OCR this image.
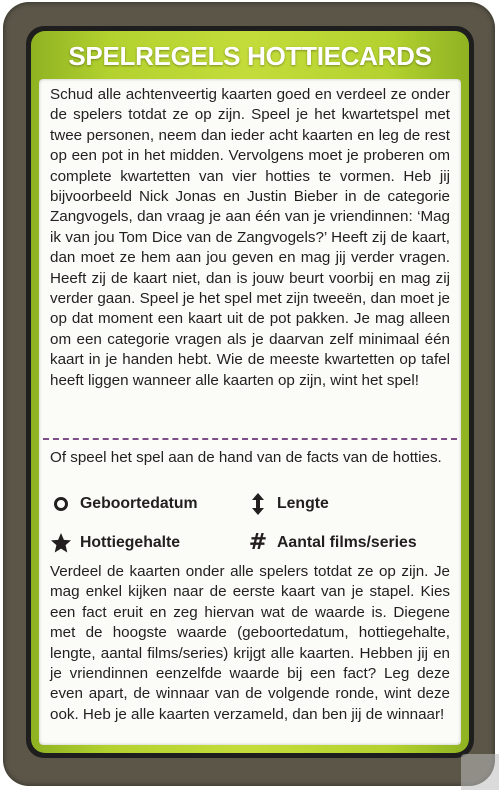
SPELREGELS HOTTIECARDS

Schud alle achtenveertig kaarten goed en verdeel ze onder de spelers totdat ze op zijn. Speel je het kwartetspel met twee personen, neem dan ieder acht kaarten en leg de rest op een pot in het midden. Vervolgens moet je proberen om complete kwartetten van vier hotties te vormen. Heb jij bijvoorbeeld Nick Jonas en Justin Bieber in de categorie Zangvogels, dan vraag je aan één van je vriendinnen: ‘Mag ik van jou Tom Dice van de Zangvogels?’ Heeft zij de kaart, dan moet ze hem aan jou geven en mag jij verder vragen. Heeft zij de kaart niet, dan is jouw beurt voorbij en mag zij verder gaan. Speel je het spel met zijn tweeën, dan moet je op dat moment een kaart uit de pot pakken. Je mag alleen om een categorie vragen als je daarvan zelf minimaal één kaart in je handen hebt. Wie de meeste kwartetten op tafel heeft liggen wanneer alle kaarten op zijn, wint het spel!

Of speel het spel aan de hand van de facts van de hotties.

Geboortedatum	Lengte
Hottiegehalte	# Aantal films/series

Verdeel de kaarten onder alle spelers totdat ze op zijn. Je mag enkel kijken naar de eerste kaart van je stapel. Kies een fact eruit en zeg hiervan wat de waarde is. Diegene met de hoogste waarde (geboortedatum, hottiegehalte, lengte, aantal films/series) krijgt alle kaarten. Hebben jij en je vriendinnen eenzelfde waarde bij een fact? Leg deze even apart, de winnaar van de volgende ronde, wint deze ook. Heb je alle kaarten verzameld, dan ben jij de winnaar!
